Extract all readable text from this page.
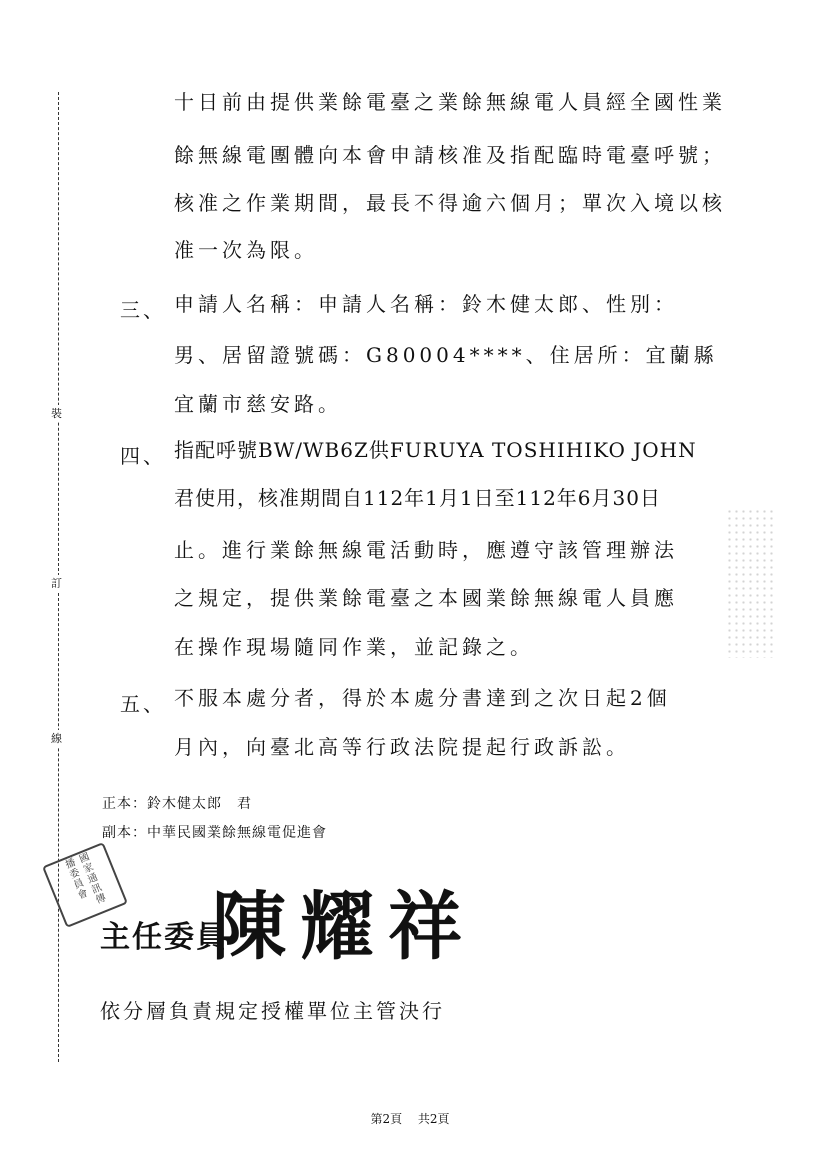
裝
訂
線
十日前由提供業餘電臺之業餘無線電人員經全國性業
餘無線電團體向本會申請核准及指配臨時電臺呼號；
核准之作業期間，最長不得逾六個月；單次入境以核
准一次為限。
三、 申請人名稱：申請人名稱：鈴木健太郎、性別：
男、居留證號碼：G80004****、住居所：宜蘭縣
宜蘭市慈安路。
四、 指配呼號BW/WB6Z供FURUYA TOSHIHIKO JOHN
君使用，核准期間自112年1月1日至112年6月30日
止。進行業餘無線電活動時，應遵守該管理辦法
之規定，提供業餘電臺之本國業餘無線電人員應
在操作現場隨同作業，並記錄之。
五、 不服本處分者，得於本處分書達到之次日起2個
月內，向臺北高等行政法院提起行政訴訟。
正本：鈴木健太郎　君
副本：中華民國業餘無線電促進會
國家通訊傳播委員會
主任委員
陳耀祥
依分層負責規定授權單位主管決行
第2頁 共2頁
